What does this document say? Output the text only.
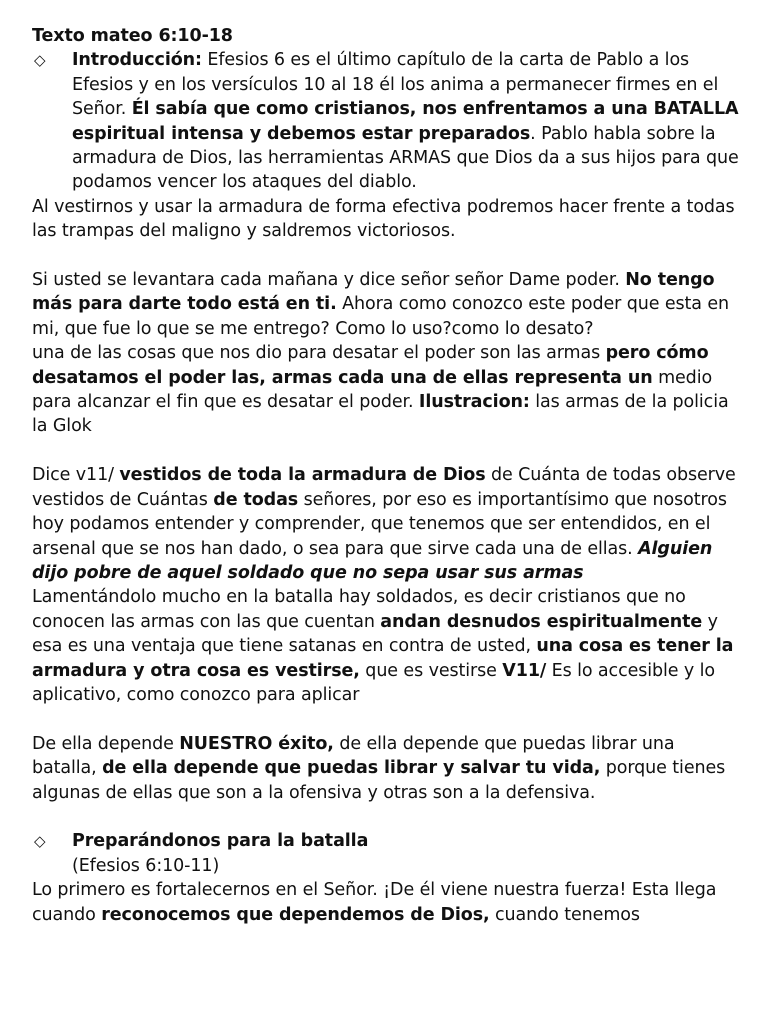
Texto mateo 6:10-18

◇	Introducción: Efesios 6 es el último capítulo de la carta de Pablo a los Efesios y en los versículos 10 al 18 él los anima a permanecer firmes en el Señor. Él sabía que como cristianos, nos enfrentamos a una BATALLA espiritual intensa y debemos estar preparados. Pablo habla sobre la armadura de Dios, las herramientas ARMAS que Dios da a sus hijos para que podamos vencer los ataques del diablo.

Al vestirnos y usar la armadura de forma efectiva podremos hacer frente a todas las trampas del maligno y saldremos victoriosos.

Si usted se levantara cada mañana y dice señor señor Dame poder. No tengo más para darte todo está en ti. Ahora como conozco este poder que esta en mi, que fue lo que se me entrego? Como lo uso?como lo desato?

una de las cosas que nos dio para desatar el poder son las armas pero cómo desatamos el poder las, armas cada una de ellas representa un medio para alcanzar el fin que es desatar el poder. Ilustracion: las armas de la policia la Glok

Dice v11/ vestidos de toda la armadura de Dios de Cuánta de todas observe vestidos de Cuántas de todas señores, por eso es importantísimo que nosotros hoy podamos entender y comprender, que tenemos que ser entendidos, en el arsenal que se nos han dado, o sea para que sirve cada una de ellas. Alguien dijo pobre de aquel soldado que no sepa usar sus armas

Lamentándolo mucho en la batalla hay soldados, es decir cristianos que no conocen las armas con las que cuentan andan desnudos espiritualmente y esa es una ventaja que tiene satanas en contra de usted, una cosa es tener la armadura y otra cosa es vestirse, que es vestirse V11/ Es lo accesible y lo aplicativo, como conozco para aplicar

De ella depende NUESTRO éxito, de ella depende que puedas librar una batalla, de ella depende que puedas librar y salvar tu vida, porque tienes algunas de ellas que son a la ofensiva y otras son a la defensiva.

◇	Preparándonos para la batalla

(Efesios 6:10-11)

Lo primero es fortalecernos en el Señor. ¡De él viene nuestra fuerza! Esta llega cuando reconocemos que dependemos de Dios, cuando tenemos
